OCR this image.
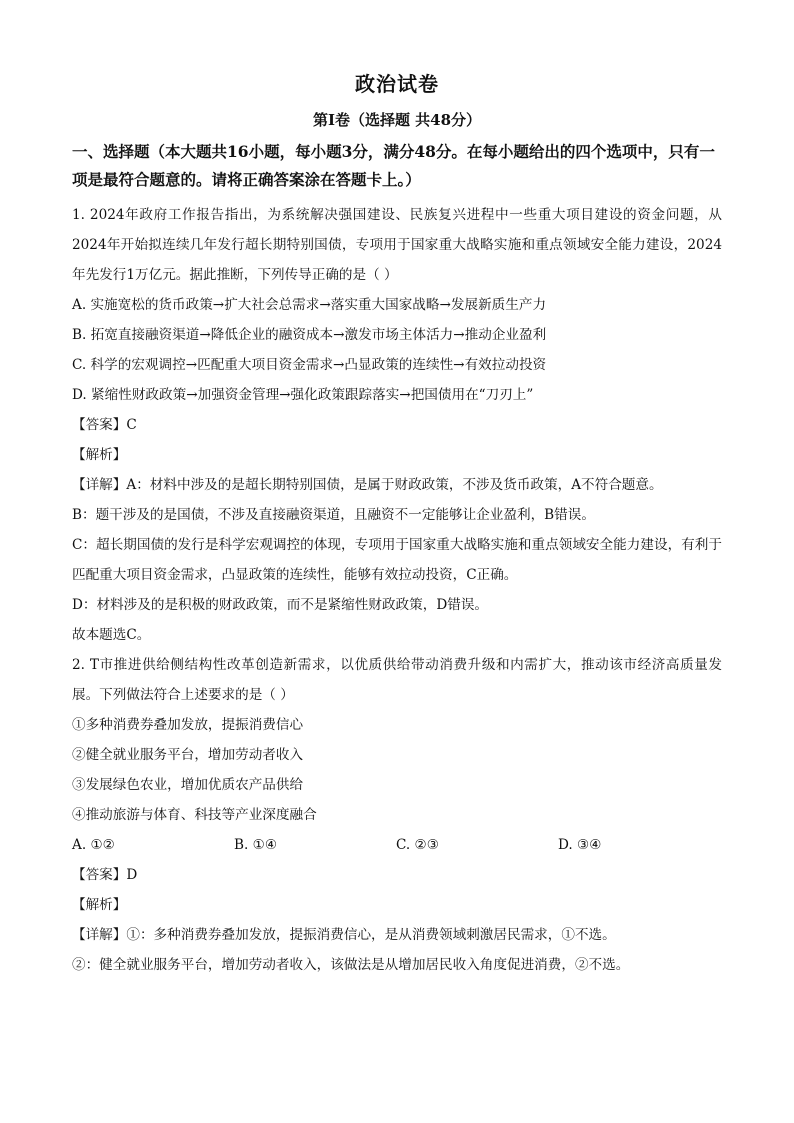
政治试卷
第Ⅰ卷（选择题 共48分）
一、选择题（本大题共16小题，每小题3分，满分48分。在每小题给出的四个选项中，只有一项是最符合题意的。请将正确答案涂在答题卡上。）

1. 2024年政府工作报告指出，为系统解决强国建设、民族复兴进程中一些重大项目建设的资金问题，从2024年开始拟连续几年发行超长期特别国债，专项用于国家重大战略实施和重点领域安全能力建设，2024年先发行1万亿元。据此推断，下列传导正确的是（ ）

A. 实施宽松的货币政策→扩大社会总需求→落实重大国家战略→发展新质生产力

B. 拓宽直接融资渠道→降低企业的融资成本→激发市场主体活力→推动企业盈利

C. 科学的宏观调控→匹配重大项目资金需求→凸显政策的连续性→有效拉动投资

D. 紧缩性财政政策→加强资金管理→强化政策跟踪落实→把国债用在“刀刃上”

【答案】C

【解析】

【详解】A：材料中涉及的是超长期特别国债，是属于财政政策，不涉及货币政策，A不符合题意。

B：题干涉及的是国债，不涉及直接融资渠道，且融资不一定能够让企业盈利，B错误。

C：超长期国债的发行是科学宏观调控的体现，专项用于国家重大战略实施和重点领域安全能力建设，有利于匹配重大项目资金需求，凸显政策的连续性，能够有效拉动投资，C正确。

D：材料涉及的是积极的财政政策，而不是紧缩性财政政策，D错误。

故本题选C。

2. T市推进供给侧结构性改革创造新需求，以优质供给带动消费升级和内需扩大，推动该市经济高质量发展。下列做法符合上述要求的是（ ）

①多种消费券叠加发放，提振消费信心

②健全就业服务平台，增加劳动者收入

③发展绿色农业，增加优质农产品供给

④推动旅游与体育、科技等产业深度融合

A. ①②	B. ①④	C. ②③	D. ③④

【答案】D

【解析】

【详解】①：多种消费券叠加发放，提振消费信心，是从消费领域刺激居民需求，①不选。

②：健全就业服务平台，增加劳动者收入，该做法是从增加居民收入角度促进消费，②不选。
